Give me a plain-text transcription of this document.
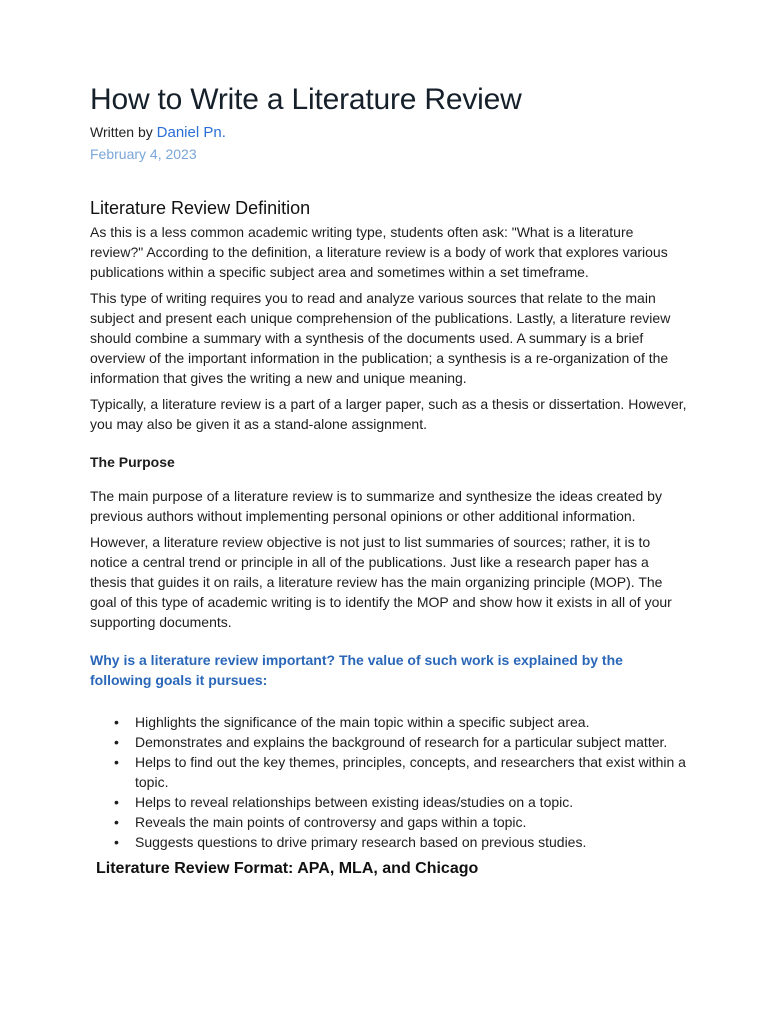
How to Write a Literature Review
Written by Daniel Pn.
February 4, 2023
Literature Review Definition

As this is a less common academic writing type, students often ask: "What is a literature review?" According to the definition, a literature review is a body of work that explores various publications within a specific subject area and sometimes within a set timeframe.

This type of writing requires you to read and analyze various sources that relate to the main subject and present each unique comprehension of the publications. Lastly, a literature review should combine a summary with a synthesis of the documents used. A summary is a brief overview of the important information in the publication; a synthesis is a re-organization of the information that gives the writing a new and unique meaning.

Typically, a literature review is a part of a larger paper, such as a thesis or dissertation. However, you may also be given it as a stand-alone assignment.

The Purpose

The main purpose of a literature review is to summarize and synthesize the ideas created by previous authors without implementing personal opinions or other additional information.

However, a literature review objective is not just to list summaries of sources; rather, it is to notice a central trend or principle in all of the publications. Just like a research paper has a thesis that guides it on rails, a literature review has the main organizing principle (MOP). The goal of this type of academic writing is to identify the MOP and show how it exists in all of your supporting documents.

Why is a literature review important? The value of such work is explained by the following goals it pursues:
• Highlights the significance of the main topic within a specific subject area.
• Demonstrates and explains the background of research for a particular subject matter.
• Helps to find out the key themes, principles, concepts, and researchers that exist within a topic.
• Helps to reveal relationships between existing ideas/studies on a topic.
• Reveals the main points of controversy and gaps within a topic.
• Suggests questions to drive primary research based on previous studies.
Literature Review Format: APA, MLA, and Chicago
